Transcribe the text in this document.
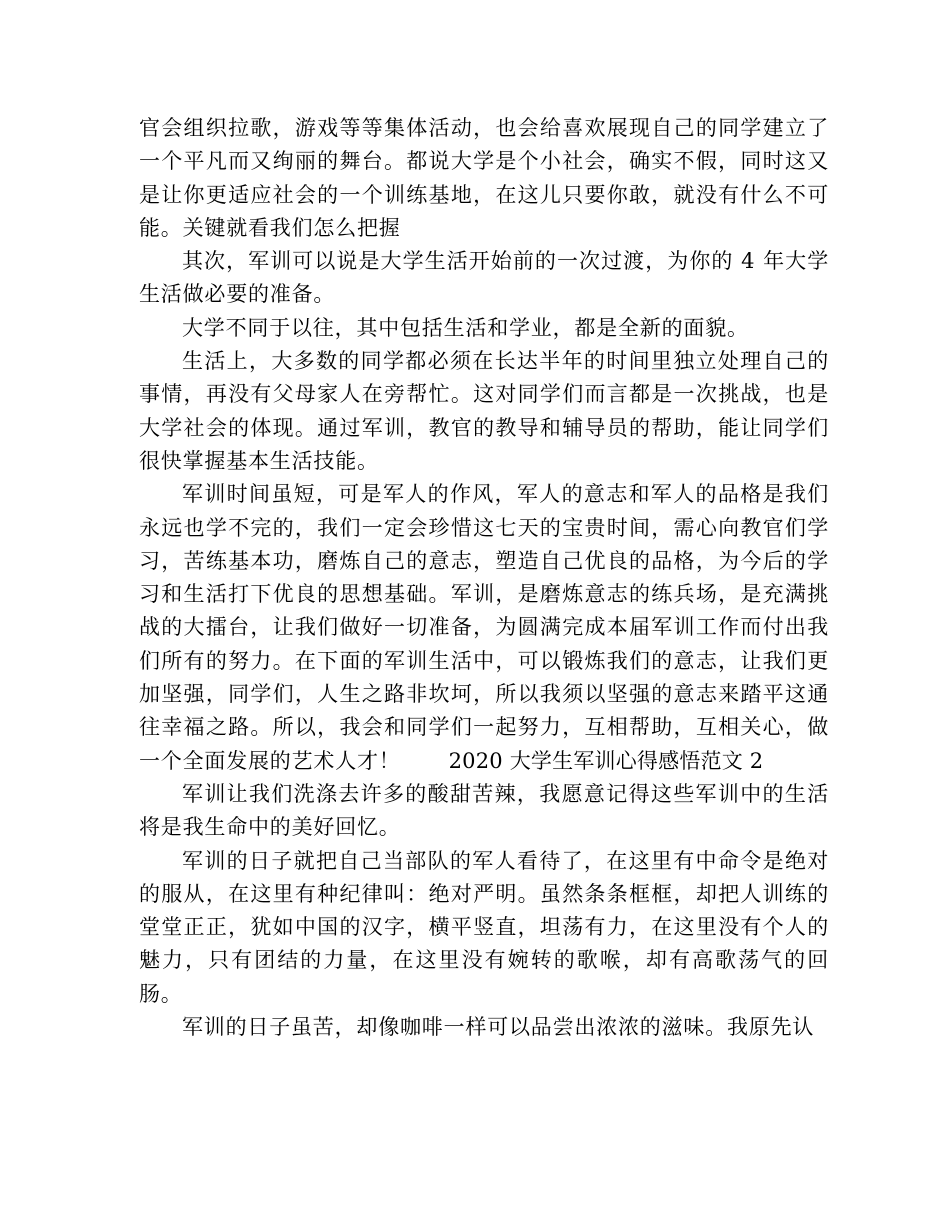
官会组织拉歌，游戏等等集体活动，也会给喜欢展现自己的同学建立了一个平凡而又绚丽的舞台。都说大学是个小社会，确实不假，同时这又是让你更适应社会的一个训练基地，在这儿只要你敢，就没有什么不可能。关键就看我们怎么把握

其次，军训可以说是大学生活开始前的一次过渡，为你的 4 年大学生活做必要的准备。

大学不同于以往，其中包括生活和学业，都是全新的面貌。

生活上，大多数的同学都必须在长达半年的时间里独立处理自己的事情，再没有父母家人在旁帮忙。这对同学们而言都是一次挑战，也是大学社会的体现。通过军训，教官的教导和辅导员的帮助，能让同学们很快掌握基本生活技能。

军训时间虽短，可是军人的作风，军人的意志和军人的品格是我们永远也学不完的，我们一定会珍惜这七天的宝贵时间，需心向教官们学习，苦练基本功，磨炼自己的意志，塑造自己优良的品格，为今后的学习和生活打下优良的思想基础。军训，是磨炼意志的练兵场，是充满挑战的大擂台，让我们做好一切准备，为圆满完成本届军训工作而付出我们所有的努力。在下面的军训生活中，可以锻炼我们的意志，让我们更加坚强，同学们，人生之路非坎坷，所以我须以坚强的意志来踏平这通往幸福之路。所以，我会和同学们一起努力，互相帮助，互相关心，做一个全面发展的艺术人才！ 2020 大学生军训心得感悟范文 2

军训让我们洗涤去许多的酸甜苦辣，我愿意记得这些军训中的生活将是我生命中的美好回忆。

军训的日子就把自己当部队的军人看待了，在这里有中命令是绝对的服从，在这里有种纪律叫：绝对严明。虽然条条框框，却把人训练的堂堂正正，犹如中国的汉字，横平竖直，坦荡有力，在这里没有个人的魅力，只有团结的力量，在这里没有婉转的歌喉，却有高歌荡气的回肠。

军训的日子虽苦，却像咖啡一样可以品尝出浓浓的滋味。我原先认
